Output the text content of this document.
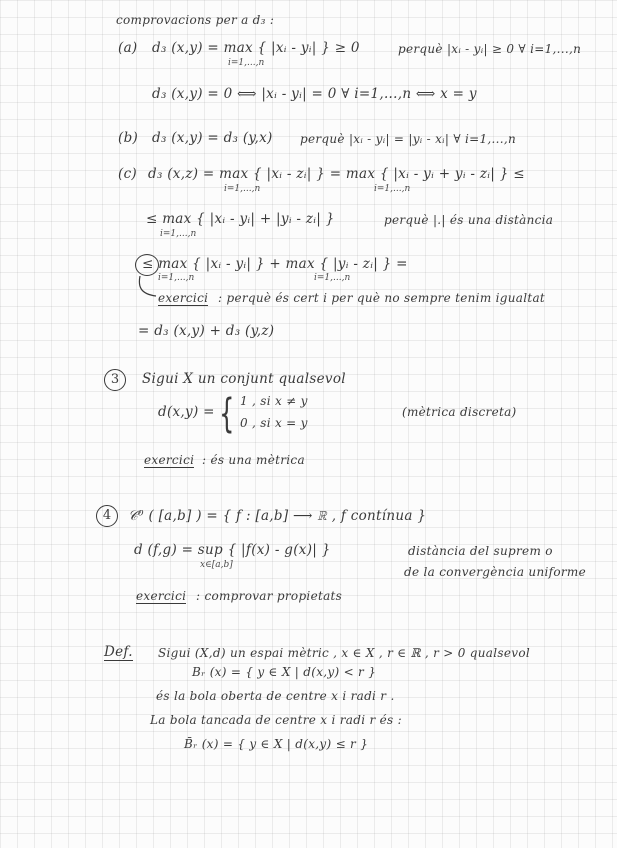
comprovacions per a d₃ :
(a) d₃ (x,y) = max { |xᵢ - yᵢ| } ≥ 0
i=1,...,n
perquè |xᵢ - yᵢ| ≥ 0 ∀ i=1,...,n
d₃ (x,y) = 0 ⟺ |xᵢ - yᵢ| = 0 ∀ i=1,...,n ⟺ x = y
(b) d₃ (x,y) = d₃ (y,x) perquè |xᵢ - yᵢ| = |yᵢ - xᵢ| ∀ i=1,...,n
(c) d₃ (x,z) = max { |xᵢ - zᵢ| } = max { |xᵢ - yᵢ + yᵢ - zᵢ| } ≤
i=1,...,n	i=1,...,n
≤ max { |xᵢ - yᵢ| + |yᵢ - zᵢ| }
i=1,...,n
perquè |.| és una distància
≤ max { |xᵢ - yᵢ| } + max { |yᵢ - zᵢ| } =
i=1,...,n	i=1,...,n
exercici : perquè és cert i per què no sempre tenim igualtat
= d₃ (x,y) + d₃ (y,z)
3	Sigui X un conjunt qualsevol
d(x,y) = { 1 , si x ≠ y
0 , si x = y
(mètrica discreta)
exercici : és una mètrica
4	𝒞⁰ ( [a,b] ) = { f : [a,b] ⟶ ℝ , f contínua }
d (f,g) = sup { |f(x) - g(x)| }
x∈[a,b]
distància del suprem o
de la convergència uniforme
exercici : comprovar propietats
Def. Sigui (X,d) un espai mètric , x ∈ X , r ∈ ℝ , r > 0 qualsevol
Bᵣ (x) = { y ∈ X | d(x,y) < r }
és la bola oberta de centre x i radi r .
La bola tancada de centre x i radi r és :
B̄ᵣ (x) = { y ∈ X | d(x,y) ≤ r }
